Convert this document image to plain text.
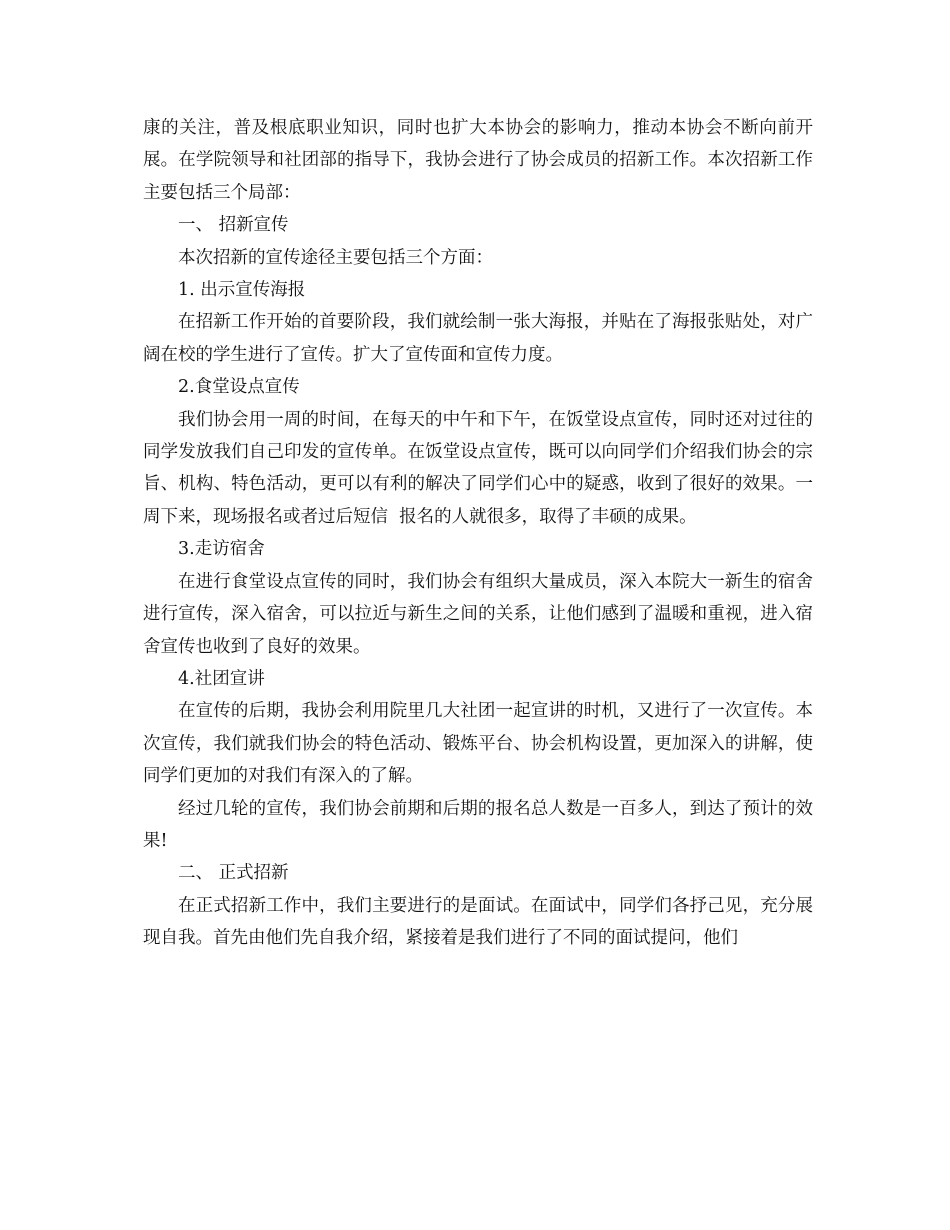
康的关注，普及根底职业知识，同时也扩大本协会的影响力，推动本协会不断向前开展。在学院领导和社团部的指导下，我协会进行了协会成员的招新工作。本次招新工作主要包括三个局部：

一、 招新宣传

本次招新的宣传途径主要包括三个方面：

1. 出示宣传海报

在招新工作开始的首要阶段，我们就绘制一张大海报，并贴在了海报张贴处，对广阔在校的学生进行了宣传。扩大了宣传面和宣传力度。

2.食堂设点宣传

我们协会用一周的时间，在每天的中午和下午，在饭堂设点宣传，同时还对过往的同学发放我们自己印发的宣传单。在饭堂设点宣传，既可以向同学们介绍我们协会的宗旨、机构、特色活动，更可以有利的解决了同学们心中的疑惑，收到了很好的效果。一周下来，现场报名或者过后短信  报名的人就很多，取得了丰硕的成果。

3.走访宿舍

在进行食堂设点宣传的同时，我们协会有组织大量成员，深入本院大一新生的宿舍进行宣传，深入宿舍，可以拉近与新生之间的关系，让他们感到了温暖和重视，进入宿舍宣传也收到了良好的效果。

4.社团宣讲

在宣传的后期，我协会利用院里几大社团一起宣讲的时机，又进行了一次宣传。本次宣传，我们就我们协会的特色活动、锻炼平台、协会机构设置，更加深入的讲解，使同学们更加的对我们有深入的了解。

经过几轮的宣传，我们协会前期和后期的报名总人数是一百多人，到达了预计的效果!

二、 正式招新

在正式招新工作中，我们主要进行的是面试。在面试中，同学们各抒己见，充分展现自我。首先由他们先自我介绍，紧接着是我们进行了不同的面试提问，他们
